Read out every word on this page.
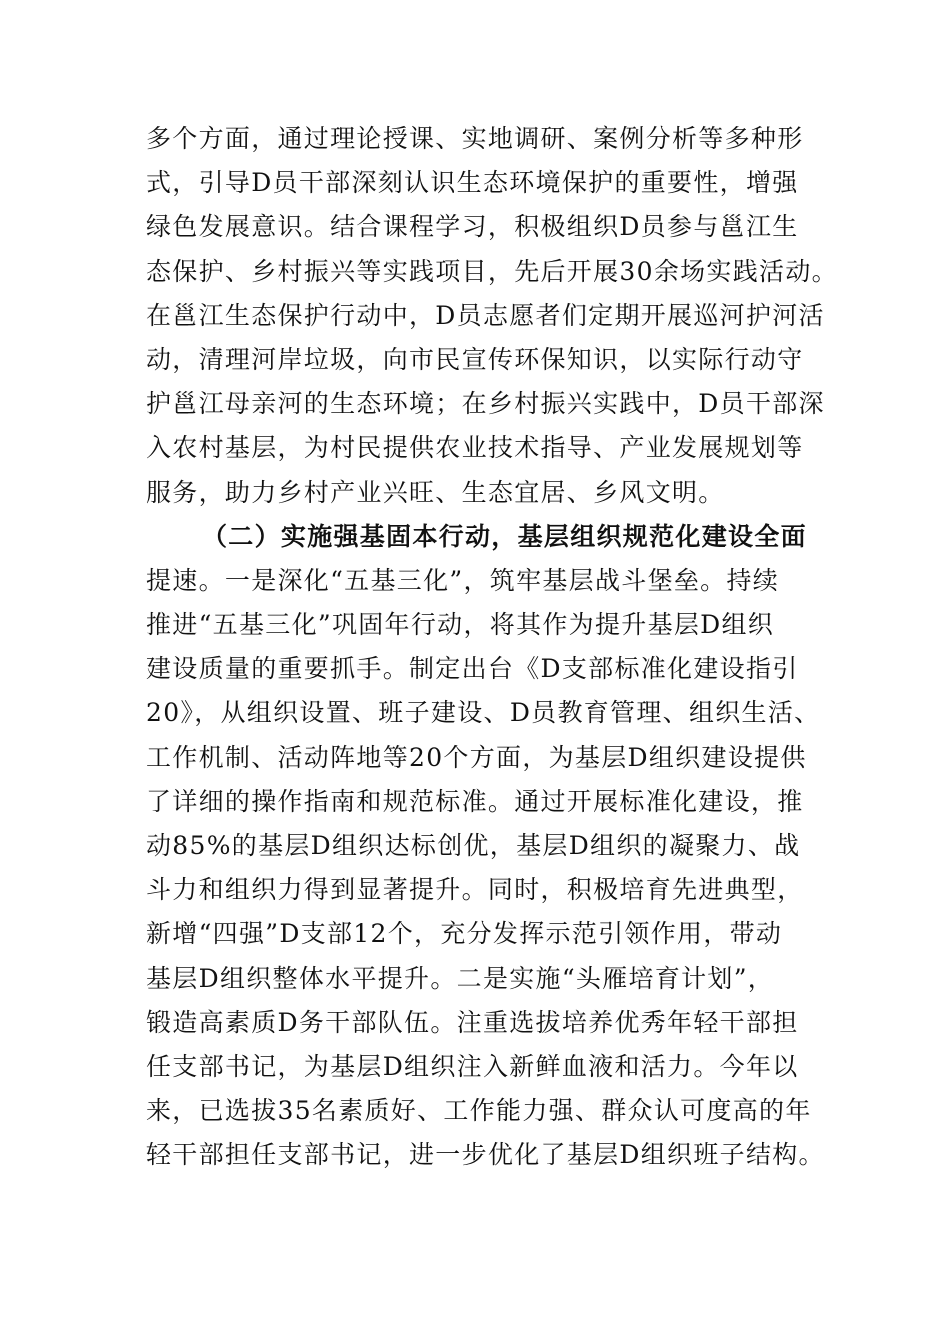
多个方面，通过理论授课、实地调研、案例分析等多种形
式，引导D员干部深刻认识生态环境保护的重要性，增强
绿色发展意识。结合课程学习，积极组织D员参与邕江生
态保护、乡村振兴等实践项目，先后开展30余场实践活动。
在邕江生态保护行动中，D员志愿者们定期开展巡河护河活
动，清理河岸垃圾，向市民宣传环保知识，以实际行动守
护邕江母亲河的生态环境；在乡村振兴实践中，D员干部深
入农村基层，为村民提供农业技术指导、产业发展规划等
服务，助力乡村产业兴旺、生态宜居、乡风文明。
（二）实施强基固本行动，基层组织规范化建设全面
提速。一是深化“五基三化”，筑牢基层战斗堡垒。持续
推进“五基三化”巩固年行动，将其作为提升基层D组织
建设质量的重要抓手。制定出台《D支部标准化建设指引
20》，从组织设置、班子建设、D员教育管理、组织生活、
工作机制、活动阵地等20个方面，为基层D组织建设提供
了详细的操作指南和规范标准。通过开展标准化建设，推
动85%的基层D组织达标创优，基层D组织的凝聚力、战
斗力和组织力得到显著提升。同时，积极培育先进典型，
新增“四强”D支部12个，充分发挥示范引领作用，带动
基层D组织整体水平提升。二是实施“头雁培育计划”，
锻造高素质D务干部队伍。注重选拔培养优秀年轻干部担
任支部书记，为基层D组织注入新鲜血液和活力。今年以
来，已选拔35名素质好、工作能力强、群众认可度高的年
轻干部担任支部书记，进一步优化了基层D组织班子结构。
